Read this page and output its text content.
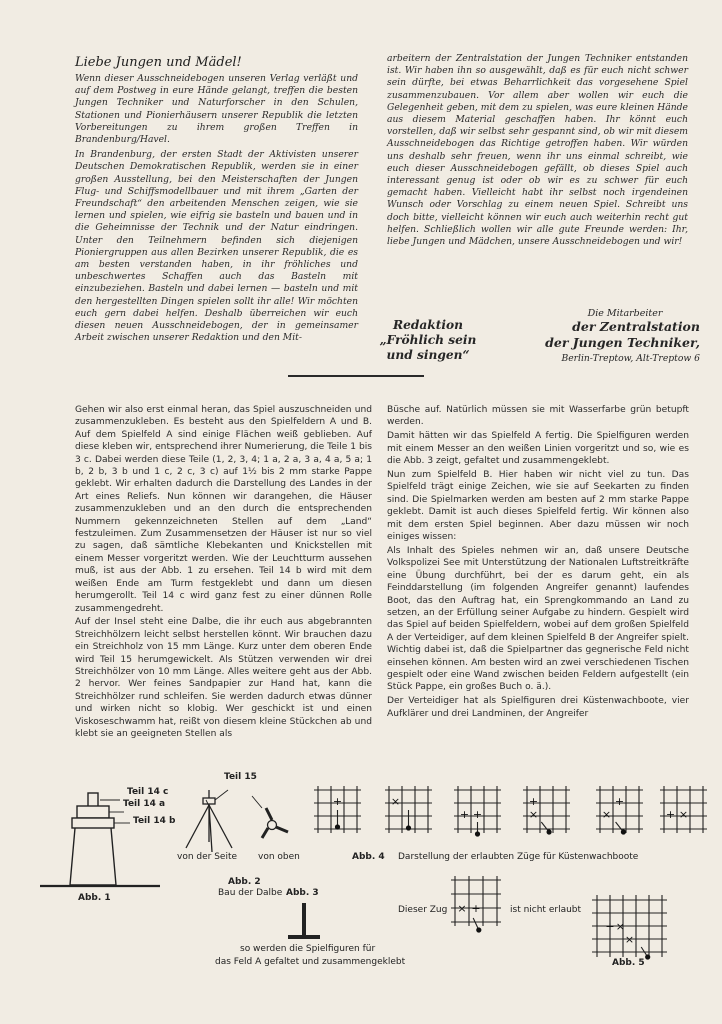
Liebe Jungen und Mädel!

Wenn dieser Ausschneidebogen unseren Verlag verläßt und auf dem Postweg in eure Hände gelangt, treffen die besten Jungen Techniker und Naturforscher in den Schulen, Stationen und Pionierhäusern unserer Republik die letzten Vorbereitungen zu ihrem großen Treffen in Brandenburg/Havel.

In Brandenburg, der ersten Stadt der Aktivisten unserer Deutschen Demokratischen Republik, werden sie in einer großen Ausstellung, bei den Meisterschaften der Jungen Flug- und Schiffsmodellbauer und mit ihrem „Garten der Freundschaft“ den arbeitenden Menschen zeigen, wie sie lernen und spielen, wie eifrig sie basteln und bauen und in die Geheimnisse der Technik und der Natur eindringen. Unter den Teilnehmern befinden sich diejenigen Pioniergruppen aus allen Bezirken unserer Republik, die es am besten verstanden haben, in ihr fröhliches und unbeschwertes Schaffen auch das Basteln mit einzubeziehen. Basteln und dabei lernen — basteln und mit den hergestellten Dingen spielen sollt ihr alle! Wir möchten euch gern dabei helfen. Deshalb überreichen wir euch diesen neuen Ausschneidebogen, der in gemeinsamer Arbeit zwischen unserer Redaktion und den Mit-

arbeitern der Zentralstation der Jungen Techniker entstanden ist. Wir haben ihn so ausgewählt, daß es für euch nicht schwer sein dürfte, bei etwas Beharrlichkeit das vorgesehene Spiel zusammenzubauen. Vor allem aber wollen wir euch die Gelegenheit geben, mit dem zu spielen, was eure kleinen Hände aus diesem Material geschaffen haben. Ihr könnt euch vorstellen, daß wir selbst sehr gespannt sind, ob wir mit diesem Ausschneidebogen das Richtige getroffen haben. Wir würden uns deshalb sehr freuen, wenn ihr uns einmal schreibt, wie euch dieser Ausschneidebogen gefällt, ob dieses Spiel auch interessant genug ist oder ob wir es zu schwer für euch gemacht haben. Vielleicht habt ihr selbst noch irgendeinen Wunsch oder Vorschlag zu einem neuen Spiel. Schreibt uns doch bitte, vielleicht können wir euch auch weiterhin recht gut helfen. Schließlich wollen wir alle gute Freunde werden: Ihr, liebe Jungen und Mädchen, unsere Ausschneidebogen und wir!

Redaktion
„Fröhlich sein
und singen“
Die Mitarbeiter
der Zentralstation
der Jungen Techniker,
Berlin-Treptow, Alt-Treptow 6

Gehen wir also erst einmal heran, das Spiel auszuschneiden und zusammenzukleben. Es besteht aus den Spielfeldern A und B. Auf dem Spielfeld A sind einige Flächen weiß geblieben. Auf diese kleben wir, entsprechend ihrer Numerierung, die Teile 1 bis 3 c. Dabei werden diese Teile (1, 2, 3, 4; 1 a, 2 a, 3 a, 4 a, 5 a; 1 b, 2 b, 3 b und 1 c, 2 c, 3 c) auf 1½ bis 2 mm starke Pappe geklebt. Wir erhalten dadurch die Darstellung des Landes in der Art eines Reliefs. Nun können wir darangehen, die Häuser zusammenzukleben und an den durch die entsprechenden Nummern gekennzeichneten Stellen auf dem „Land“ festzuleimen. Zum Zusammensetzen der Häuser ist nur so viel zu sagen, daß sämtliche Klebekanten und Knickstellen mit einem Messer vorgeritzt werden. Wie der Leuchtturm aussehen muß, ist aus der Abb. 1 zu ersehen. Teil 14 b wird mit dem weißen Ende am Turm festgeklebt und dann um diesen herumgerollt. Teil 14 c wird ganz fest zu einer dünnen Rolle zusammengedreht.

Auf der Insel steht eine Dalbe, die ihr euch aus abgebrannten Streichhölzern leicht selbst herstellen könnt. Wir brauchen dazu ein Streichholz von 15 mm Länge. Kurz unter dem oberen Ende wird Teil 15 herumgewickelt. Als Stützen verwenden wir drei Streichhölzer von 10 mm Länge. Alles weitere geht aus der Abb. 2 hervor. Wer feines Sandpapier zur Hand hat, kann die Streichhölzer rund schleifen. Sie werden dadurch etwas dünner und wirken nicht so klobig. Wer geschickt ist und einen Viskoseschwamm hat, reißt von diesem kleine Stückchen ab und klebt sie an geeigneten Stellen als

Büsche auf. Natürlich müssen sie mit Wasserfarbe grün betupft werden.

Damit hätten wir das Spielfeld A fertig. Die Spielfiguren werden mit einem Messer an den weißen Linien vorgeritzt und so, wie es die Abb. 3 zeigt, gefaltet und zusammengeklebt.

Nun zum Spielfeld B. Hier haben wir nicht viel zu tun. Das Spielfeld trägt einige Zeichen, wie sie auf Seekarten zu finden sind. Die Spielmarken werden am besten auf 2 mm starke Pappe geklebt. Damit ist auch dieses Spielfeld fertig. Wir können also mit dem ersten Spiel beginnen. Aber dazu müssen wir noch einiges wissen:

Als Inhalt des Spieles nehmen wir an, daß unsere Deutsche Volkspolizei See mit Unterstützung der Nationalen Luftstreitkräfte eine Übung durchführt, bei der es darum geht, ein als Feinddarstellung (im folgenden Angreifer genannt) laufendes Boot, das den Auftrag hat, ein Sprengkommando an Land zu setzen, an der Erfüllung seiner Aufgabe zu hindern. Gespielt wird das Spiel auf beiden Spielfeldern, wobei auf dem großen Spielfeld A der Verteidiger, auf dem kleinen Spielfeld B der Angreifer spielt. Wichtig dabei ist, daß die Spielpartner das gegnerische Feld nicht einsehen können. Am besten wird an zwei verschiedenen Tischen gespielt oder eine Wand zwischen beiden Feldern aufgestellt (ein Stück Pappe, ein großes Buch o. ä.).

Der Verteidiger hat als Spielfiguren drei Küstenwachboote, vier Aufklärer und drei Landminen, der Angreifer

+	×
+ +
+
×
+
×	×
+
× +
+ ×
×
Teil 14 c
Teil 14 a
Teil 14 b
Abb. 1
Teil 15
von der Seite von oben
Abb. 2
Bau der Dalbe Abb. 3
so werden die Spielfiguren für
das Feld A gefaltet und zusammengeklebt
Abb. 4 Darstellung der erlaubten Züge für Küstenwachboote
Dieser Zug	ist nicht erlaubt
Abb. 5
